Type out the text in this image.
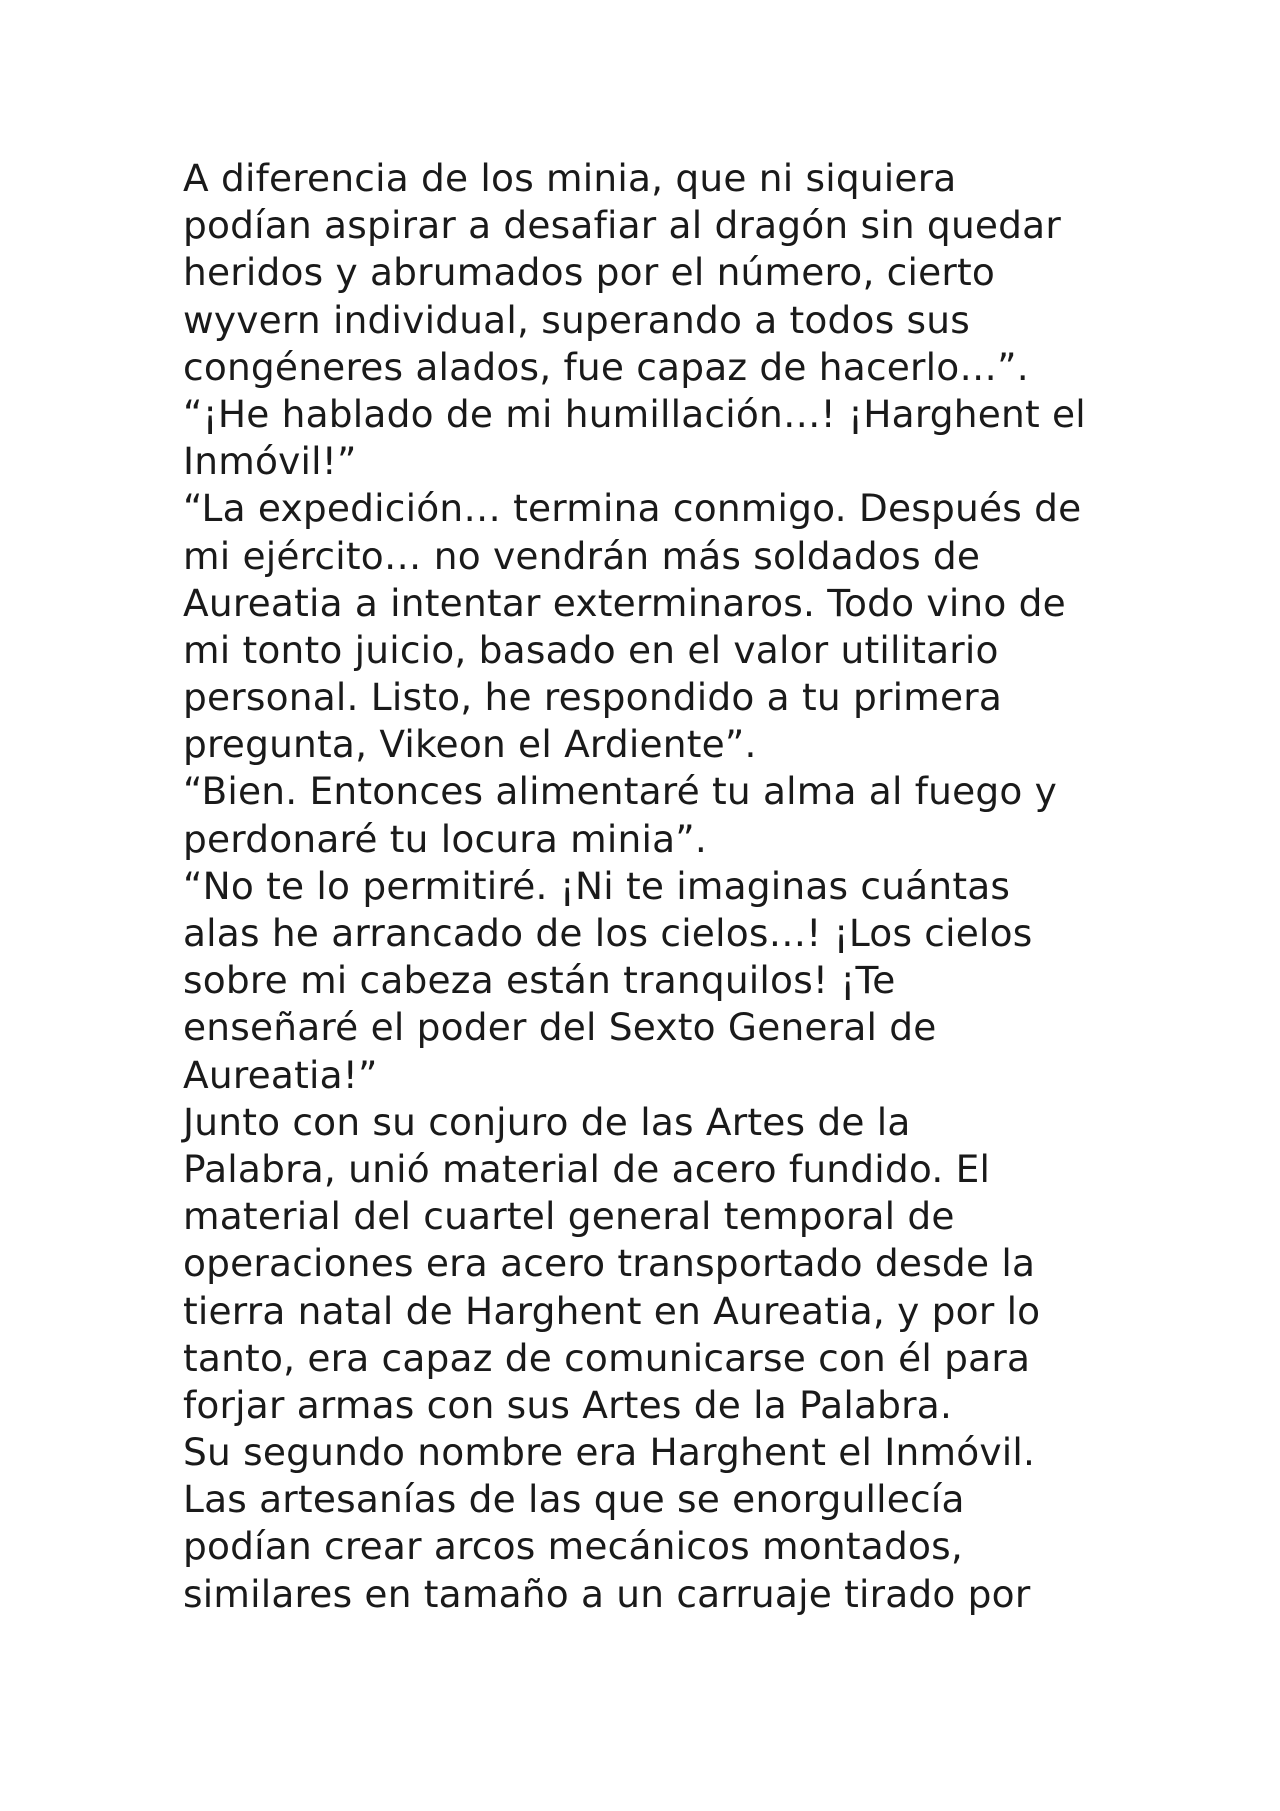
A diferencia de los minia, que ni siquiera
podían aspirar a desafiar al dragón sin quedar
heridos y abrumados por el número, cierto
wyvern individual, superando a todos sus
congéneres alados, fue capaz de hacerlo…”.
“¡He hablado de mi humillación…! ¡Harghent el
Inmóvil!”
“La expedición… termina conmigo. Después de
mi ejército… no vendrán más soldados de
Aureatia a intentar exterminaros. Todo vino de
mi tonto juicio, basado en el valor utilitario
personal. Listo, he respondido a tu primera
pregunta, Vikeon el Ardiente”.
“Bien. Entonces alimentaré tu alma al fuego y
perdonaré tu locura minia”.
“No te lo permitiré. ¡Ni te imaginas cuántas
alas he arrancado de los cielos…! ¡Los cielos
sobre mi cabeza están tranquilos! ¡Te
enseñaré el poder del Sexto General de
Aureatia!”
Junto con su conjuro de las Artes de la
Palabra, unió material de acero fundido. El
material del cuartel general temporal de
operaciones era acero transportado desde la
tierra natal de Harghent en Aureatia, y por lo
tanto, era capaz de comunicarse con él para
forjar armas con sus Artes de la Palabra.
Su segundo nombre era Harghent el Inmóvil.
Las artesanías de las que se enorgullecía
podían crear arcos mecánicos montados,
similares en tamaño a un carruaje tirado por
